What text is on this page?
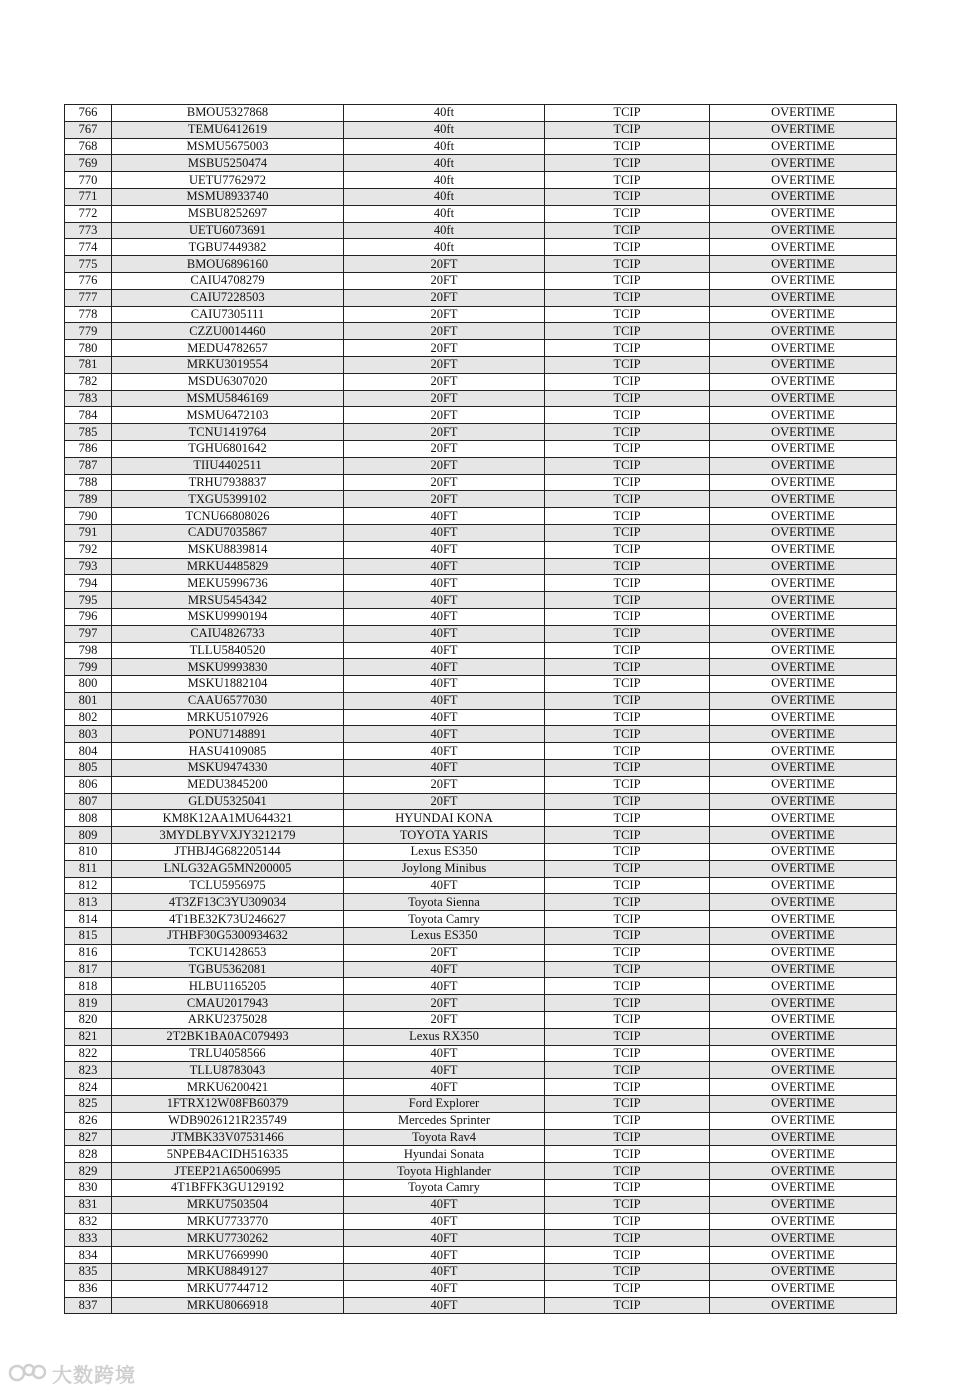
766	BMOU5327868	40ft	TCIP	OVERTIME
767	TEMU6412619	40ft	TCIP	OVERTIME
768	MSMU5675003	40ft	TCIP	OVERTIME
769	MSBU5250474	40ft	TCIP	OVERTIME
770	UETU7762972	40ft	TCIP	OVERTIME
771	MSMU8933740	40ft	TCIP	OVERTIME
772	MSBU8252697	40ft	TCIP	OVERTIME
773	UETU6073691	40ft	TCIP	OVERTIME
774	TGBU7449382	40ft	TCIP	OVERTIME
775	BMOU6896160	20FT	TCIP	OVERTIME
776	CAIU4708279	20FT	TCIP	OVERTIME
777	CAIU7228503	20FT	TCIP	OVERTIME
778	CAIU7305111	20FT	TCIP	OVERTIME
779	CZZU0014460	20FT	TCIP	OVERTIME
780	MEDU4782657	20FT	TCIP	OVERTIME
781	MRKU3019554	20FT	TCIP	OVERTIME
782	MSDU6307020	20FT	TCIP	OVERTIME
783	MSMU5846169	20FT	TCIP	OVERTIME
784	MSMU6472103	20FT	TCIP	OVERTIME
785	TCNU1419764	20FT	TCIP	OVERTIME
786	TGHU6801642	20FT	TCIP	OVERTIME
787	TIIU4402511	20FT	TCIP	OVERTIME
788	TRHU7938837	20FT	TCIP	OVERTIME
789	TXGU5399102	20FT	TCIP	OVERTIME
790	TCNU66808026	40FT	TCIP	OVERTIME
791	CADU7035867	40FT	TCIP	OVERTIME
792	MSKU8839814	40FT	TCIP	OVERTIME
793	MRKU4485829	40FT	TCIP	OVERTIME
794	MEKU5996736	40FT	TCIP	OVERTIME
795	MRSU5454342	40FT	TCIP	OVERTIME
796	MSKU9990194	40FT	TCIP	OVERTIME
797	CAIU4826733	40FT	TCIP	OVERTIME
798	TLLU5840520	40FT	TCIP	OVERTIME
799	MSKU9993830	40FT	TCIP	OVERTIME
800	MSKU1882104	40FT	TCIP	OVERTIME
801	CAAU6577030	40FT	TCIP	OVERTIME
802	MRKU5107926	40FT	TCIP	OVERTIME
803	PONU7148891	40FT	TCIP	OVERTIME
804	HASU4109085	40FT	TCIP	OVERTIME
805	MSKU9474330	40FT	TCIP	OVERTIME
806	MEDU3845200	20FT	TCIP	OVERTIME
807	GLDU5325041	20FT	TCIP	OVERTIME
808	KM8K12AA1MU644321	HYUNDAI KONA	TCIP	OVERTIME
809	3MYDLBYVXJY3212179	TOYOTA YARIS	TCIP	OVERTIME
810	JTHBJ4G682205144	Lexus ES350	TCIP	OVERTIME
811	LNLG32AG5MN200005	Joylong Minibus	TCIP	OVERTIME
812	TCLU5956975	40FT	TCIP	OVERTIME
813	4T3ZF13C3YU309034	Toyota Sienna	TCIP	OVERTIME
814	4T1BE32K73U246627	Toyota Camry	TCIP	OVERTIME
815	JTHBF30G5300934632	Lexus ES350	TCIP	OVERTIME
816	TCKU1428653	20FT	TCIP	OVERTIME
817	TGBU5362081	40FT	TCIP	OVERTIME
818	HLBU1165205	40FT	TCIP	OVERTIME
819	CMAU2017943	20FT	TCIP	OVERTIME
820	ARKU2375028	20FT	TCIP	OVERTIME
821	2T2BK1BA0AC079493	Lexus RX350	TCIP	OVERTIME
822	TRLU4058566	40FT	TCIP	OVERTIME
823	TLLU8783043	40FT	TCIP	OVERTIME
824	MRKU6200421	40FT	TCIP	OVERTIME
825	1FTRX12W08FB60379	Ford Explorer	TCIP	OVERTIME
826	WDB9026121R235749	Mercedes Sprinter	TCIP	OVERTIME
827	JTMBK33V07531466	Toyota Rav4	TCIP	OVERTIME
828	5NPEB4ACIDH516335	Hyundai Sonata	TCIP	OVERTIME
829	JTEEP21A65006995	Toyota Highlander	TCIP	OVERTIME
830	4T1BFFK3GU129192	Toyota Camry	TCIP	OVERTIME
831	MRKU7503504	40FT	TCIP	OVERTIME
832	MRKU7733770	40FT	TCIP	OVERTIME
833	MRKU7730262	40FT	TCIP	OVERTIME
834	MRKU7669990	40FT	TCIP	OVERTIME
835	MRKU8849127	40FT	TCIP	OVERTIME
836	MRKU7744712	40FT	TCIP	OVERTIME
837	MRKU8066918	40FT	TCIP	OVERTIME
大数跨境
